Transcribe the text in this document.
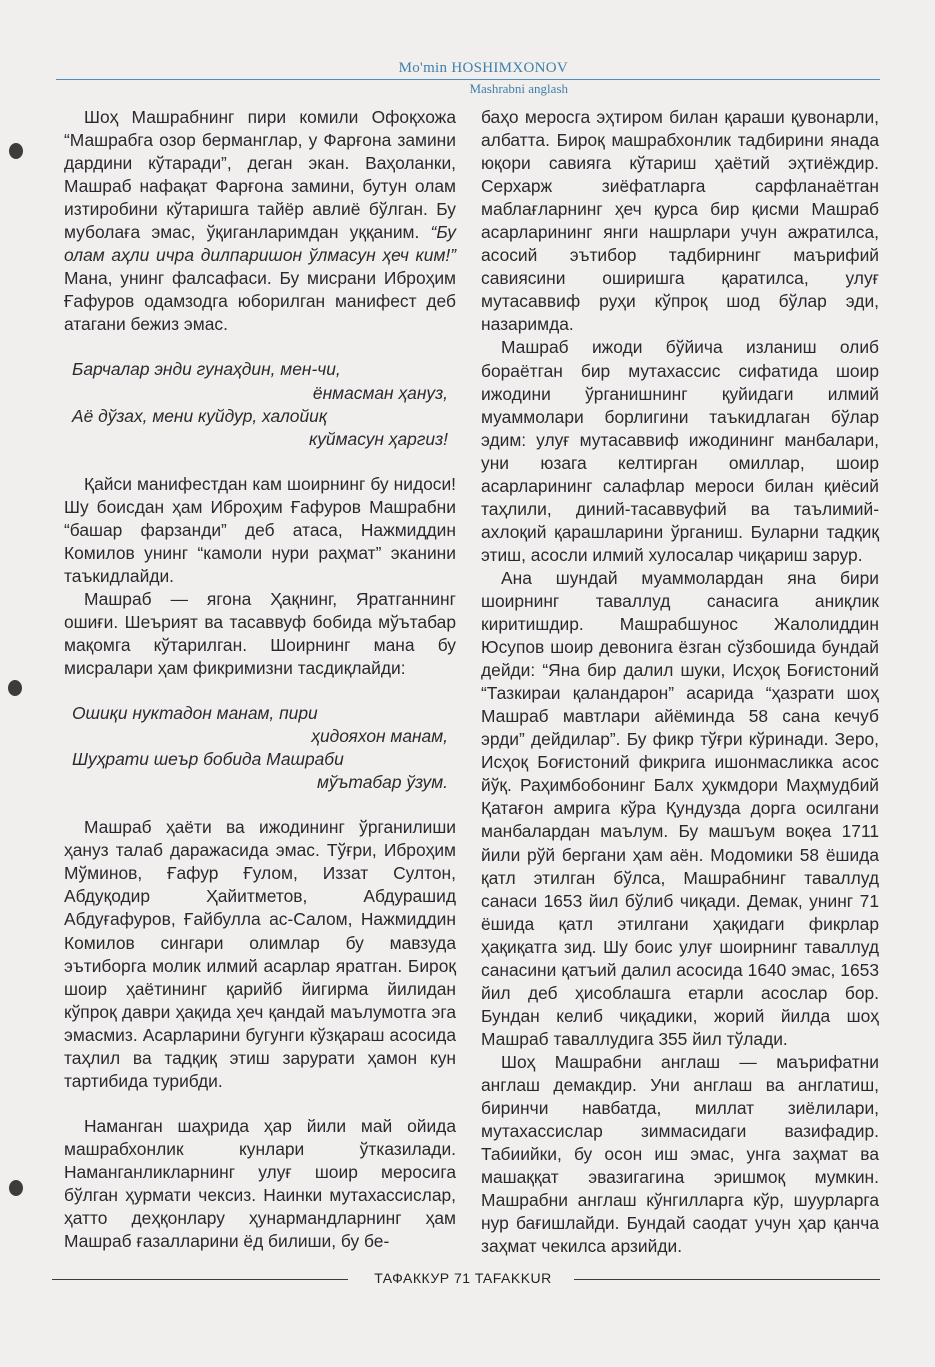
Mo'min HOSHIMXONOV
Mashrabni anglash

Шоҳ Машрабнинг пири комили Офоқхожа “Машрабга озор берманглар, у Фарғона замини дардини кўтаради”, деган экан. Ваҳоланки, Машраб нафақат Фарғона замини, бутун олам изтиробини кўтаришга тайёр авлиё бўлган. Бу муболаға эмас, ўқиганларимдан уққаним. “Бу олам аҳли ичра дилпаришон ўлмасун ҳеч ким!” Мана, унинг фалсафаси. Бу мисрани Иброҳим Ғафуров одамзодга юборилган манифест деб атагани бежиз эмас.

Барчалар энди гунаҳдин, мен-чи,
ёнмасман ҳануз,
Аё дўзах, мени куйдур, халойиқ
куймасун ҳаргиз!

Қайси манифестдан кам шоирнинг бу нидоси! Шу боисдан ҳам Иброҳим Ғафуров Машрабни “башар фарзанди” деб атаса, Нажмиддин Комилов унинг “камоли нури раҳмат” эканини таъкидлайди.

Машраб — ягона Ҳақнинг, Яратганнинг ошиғи. Шеърият ва тасаввуф бобида мўътабар мақомга кўтарилган. Шоирнинг мана бу мисралари ҳам фикримизни тасдиқлайди:

Ошиқи нуктадон манам, пири
ҳидояхон манам,
Шуҳрати шеър бобида Машраби
мўътабар ўзум.

Машраб ҳаёти ва ижодининг ўрганилиши ҳануз талаб даражасида эмас. Тўғри, Иброҳим Мўминов, Ғафур Ғулом, Иззат Султон, Абдуқодир Ҳайитметов, Абдурашид Абдуғафуров, Ғайбулла ас-Салом, Нажмиддин Комилов сингари олимлар бу мавзуда эътиборга молик илмий асарлар яратган. Бироқ шоир ҳаётининг қарийб йигирма йилидан кўпроқ даври ҳақида ҳеч қандай маълумотга эга эмасмиз. Асарларини бугунги кўзқараш асосида таҳлил ва тадқиқ этиш зарурати ҳамон кун тартибида турибди.

Наманган шаҳрида ҳар йили май ойида машрабхонлик кунлари ўтказилади. Наманганликларнинг улуғ шоир меросига бўлган ҳурмати чексиз. Наинки мутахассислар, ҳатто деҳқонлару ҳунармандларнинг ҳам Машраб ғазалларини ёд билиши, бу бе-

баҳо меросга эҳтиром билан қараши қувонарли, албатта. Бироқ машрабхонлик тадбирини янада юқори савияга кўтариш ҳаётий эҳтиёждир. Серхарж зиёфатларга сарфланаётган маблағларнинг ҳеч қурса бир қисми Машраб асарларининг янги нашрлари учун ажратилса, асосий эътибор тадбирнинг маърифий савиясини оширишга қаратилса, улуғ мутасаввиф руҳи кўпроқ шод бўлар эди, назаримда.

Машраб ижоди бўйича изланиш олиб бораётган бир мутахассис сифатида шоир ижодини ўрганишнинг қуйидаги илмий муаммолари борлигини таъкидлаган бўлар эдим: улуғ мутасаввиф ижодининг манбалари, уни юзага келтирган омиллар, шоир асарларининг салафлар мероси билан қиёсий таҳлили, диний-тасаввуфий ва таълимий-ахлоқий қарашларини ўрганиш. Буларни тадқиқ этиш, асосли илмий хулосалар чиқариш зарур.

Ана шундай муаммолардан яна бири шоирнинг таваллуд санасига аниқлик киритишдир. Машрабшунос Жалолиддин Юсупов шоир девонига ёзган сўзбошида бундай дейди: “Яна бир далил шуки, Исҳоқ Боғистоний “Тазкираи қаландарон” асарида “ҳазрати шоҳ Машраб мавтлари айёминда 58 сана кечуб эрди” дейдилар”. Бу фикр тўғри кўринади. Зеро, Исҳоқ Боғистоний фикрига ишонмасликка асос йўқ. Раҳимбобонинг Балх ҳукмдори Маҳмудбий Қатағон амрига кўра Қундузда дорга осилгани манбалардан маълум. Бу машъум воқеа 1711 йили рўй бергани ҳам аён. Модомики 58 ёшида қатл этилган бўлса, Машрабнинг таваллуд санаси 1653 йил бўлиб чиқади. Демак, унинг 71 ёшида қатл этилгани ҳақидаги фикрлар ҳақиқатга зид. Шу боис улуғ шоирнинг таваллуд санасини қатъий далил асосида 1640 эмас, 1653 йил деб ҳисоблашга етарли асослар бор. Бундан келиб чиқадики, жорий йилда шоҳ Машраб таваллудига 355 йил тўлади.

Шоҳ Машрабни англаш — маърифатни англаш демакдир. Уни англаш ва англатиш, биринчи навбатда, миллат зиёлилари, мутахассислар зиммасидаги вазифадир. Табиийки, бу осон иш эмас, унга заҳмат ва машаққат эвазигагина эришмоқ мумкин. Машрабни англаш кўнгилларга кўр, шуурларга нур бағишлайди. Бундай саодат учун ҳар қанча заҳмат чекилса арзийди.

ТАФАККУР 71 TAFAKKUR
